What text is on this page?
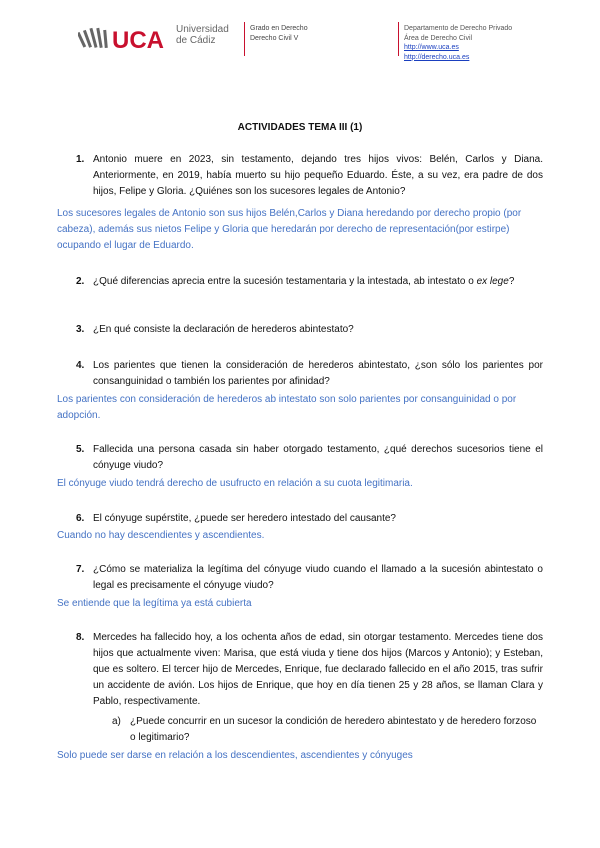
UCA Universidad
de Cádiz
Grado en Derecho
Derecho Civil V
Departamento de Derecho Privado
Área de Derecho Civil
http://www.uca.es
http://derecho.uca.es
ACTIVIDADES TEMA III (1)
1. Antonio muere en 2023, sin testamento, dejando tres hijos vivos: Belén, Carlos y Diana. Anteriormente, en 2019, había muerto su hijo pequeño Eduardo. Éste, a su vez, era padre de dos hijos, Felipe y Gloria. ¿Quiénes son los sucesores legales de Antonio?
Los sucesores legales de Antonio son sus hijos Belén,Carlos y Diana heredando por derecho propio (por cabeza), además sus nietos Felipe y Gloria que heredarán por derecho de representación(por estirpe) ocupando el lugar de Eduardo.
2. ¿Qué diferencias aprecia entre la sucesión testamentaria y la intestada, ab intestato o ex lege?
3. ¿En qué consiste la declaración de herederos abintestato?
4. Los parientes que tienen la consideración de herederos abintestato, ¿son sólo los parientes por consanguinidad o también los parientes por afinidad?
Los parientes con consideración de herederos ab intestato son solo parientes por consanguinidad o por adopción.
5. Fallecida una persona casada sin haber otorgado testamento, ¿qué derechos sucesorios tiene el cónyuge viudo?
El cónyuge viudo tendrá derecho de usufructo en relación a su cuota legitimaria.
6. El cónyuge supérstite, ¿puede ser heredero intestado del causante?
Cuando no hay descendientes y ascendientes.
7. ¿Cómo se materializa la legítima del cónyuge viudo cuando el llamado a la sucesión abintestato o legal es precisamente el cónyuge viudo?
Se entiende que la legítima ya está cubierta
8. Mercedes ha fallecido hoy, a los ochenta años de edad, sin otorgar testamento. Mercedes tiene dos hijos que actualmente viven: Marisa, que está viuda y tiene dos hijos (Marcos y Antonio); y Esteban, que es soltero. El tercer hijo de Mercedes, Enrique, fue declarado fallecido en el año 2015, tras sufrir un accidente de avión. Los hijos de Enrique, que hoy en día tienen 25 y 28 años, se llaman Clara y Pablo, respectivamente.
a) ¿Puede concurrir en un sucesor la condición de heredero abintestato y de heredero forzoso o legitimario?
Solo puede ser darse en relación a los descendientes, ascendientes y cónyuges
